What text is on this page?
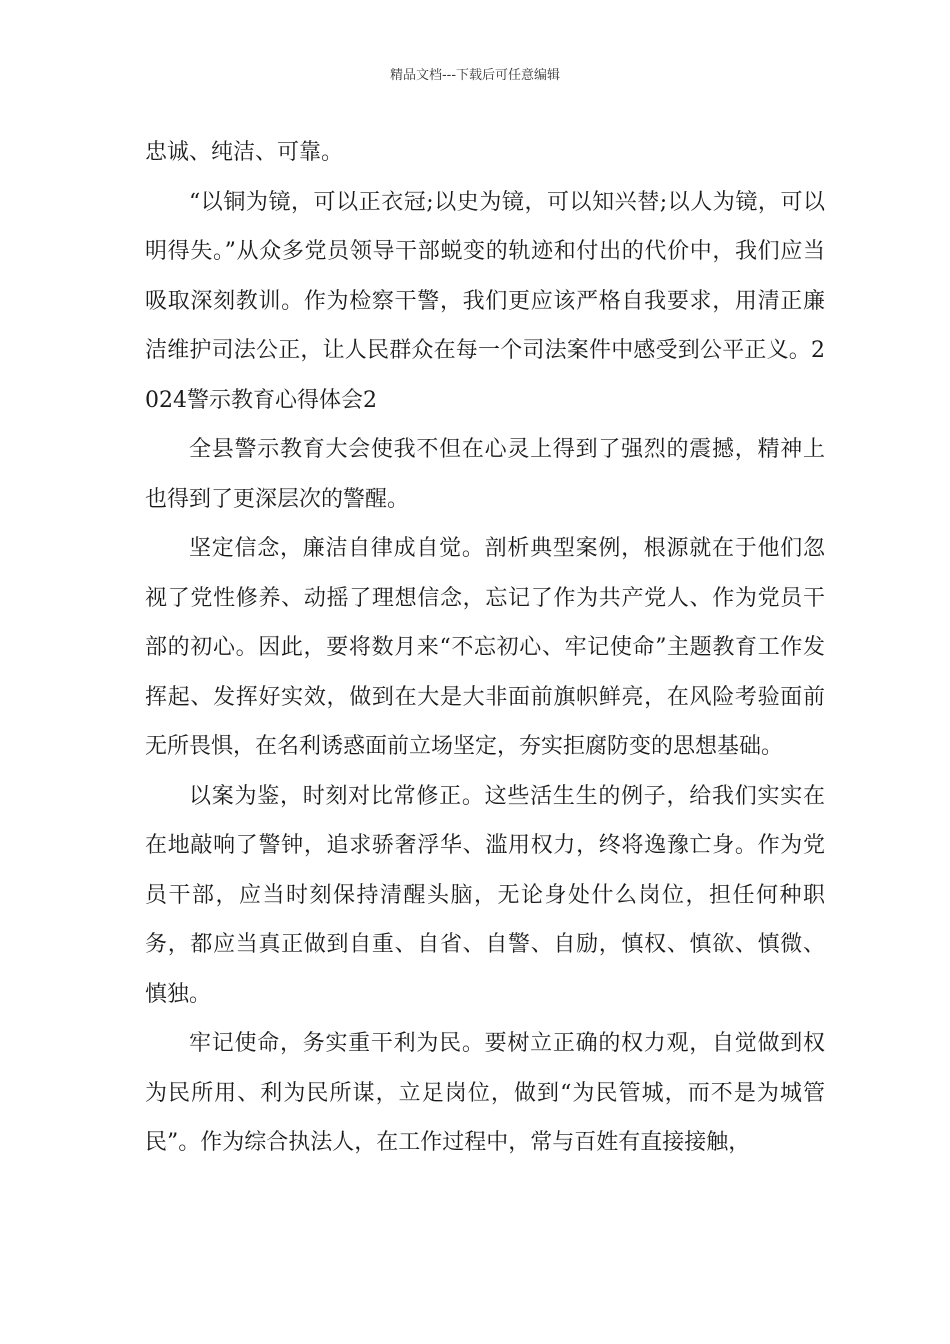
精品文档---下载后可任意编辑

忠诚、纯洁、可靠。

“以铜为镜，可以正衣冠;以史为镜，可以知兴替;以人为镜，可以明得失。”从众多党员领导干部蜕变的轨迹和付出的代价中，我们应当吸取深刻教训。作为检察干警，我们更应该严格自我要求，用清正廉洁维护司法公正，让人民群众在每一个司法案件中感受到公平正义。2024警示教育心得体会2

全县警示教育大会使我不但在心灵上得到了强烈的震撼，精神上也得到了更深层次的警醒。

坚定信念，廉洁自律成自觉。剖析典型案例，根源就在于他们忽视了党性修养、动摇了理想信念，忘记了作为共产党人、作为党员干部的初心。因此，要将数月来“不忘初心、牢记使命”主题教育工作发挥起、发挥好实效，做到在大是大非面前旗帜鲜亮，在风险考验面前无所畏惧，在名利诱惑面前立场坚定，夯实拒腐防变的思想基础。

以案为鉴，时刻对比常修正。这些活生生的例子，给我们实实在在地敲响了警钟，追求骄奢浮华、滥用权力，终将逸豫亡身。作为党员干部，应当时刻保持清醒头脑，无论身处什么岗位，担任何种职务，都应当真正做到自重、自省、自警、自励，慎权、慎欲、慎微、慎独。

牢记使命，务实重干利为民。要树立正确的权力观，自觉做到权为民所用、利为民所谋，立足岗位，做到“为民管城，而不是为城管民”。作为综合执法人，在工作过程中，常与百姓有直接接触，
